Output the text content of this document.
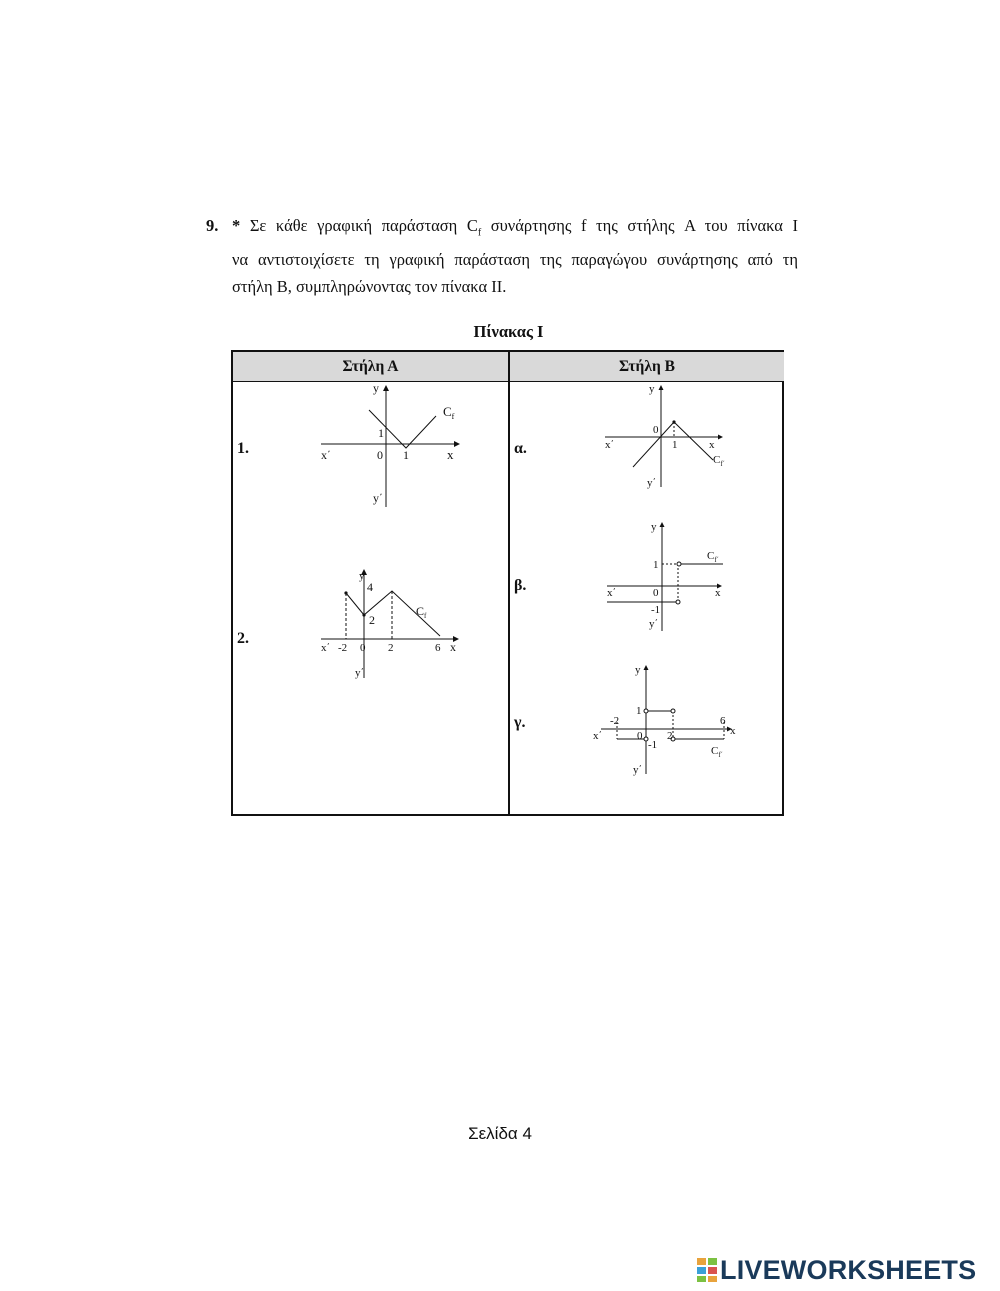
9. * Σε κάθε γραφική παράσταση $C_f$ συνάρτησης f της στήλης A του πίνακα I
να αντιστοιχίσετε τη γραφική παράσταση της παραγώγου συνάρτησης από τη
στήλη Β, συμπληρώνοντας τον πίνακα ΙΙ.
Πίνακας Ι
Στήλη Α	Στήλη Β
1.
2.
α.
β.
γ.
y
x
x΄
y΄
0 1
1
$C_f$
y
x
x΄
y΄
4
2
-2 0 2	6
$C_f$
y
x
x΄
y΄
0
1
$C_{f΄}$
y
x
x΄
y΄
0
1
-1
$C_{f΄}$
y
x
x΄
y΄
0
1
-1
-2
2
6
$C_{f΄}$
Σελίδα 4
LIVEWORKSHEETS
